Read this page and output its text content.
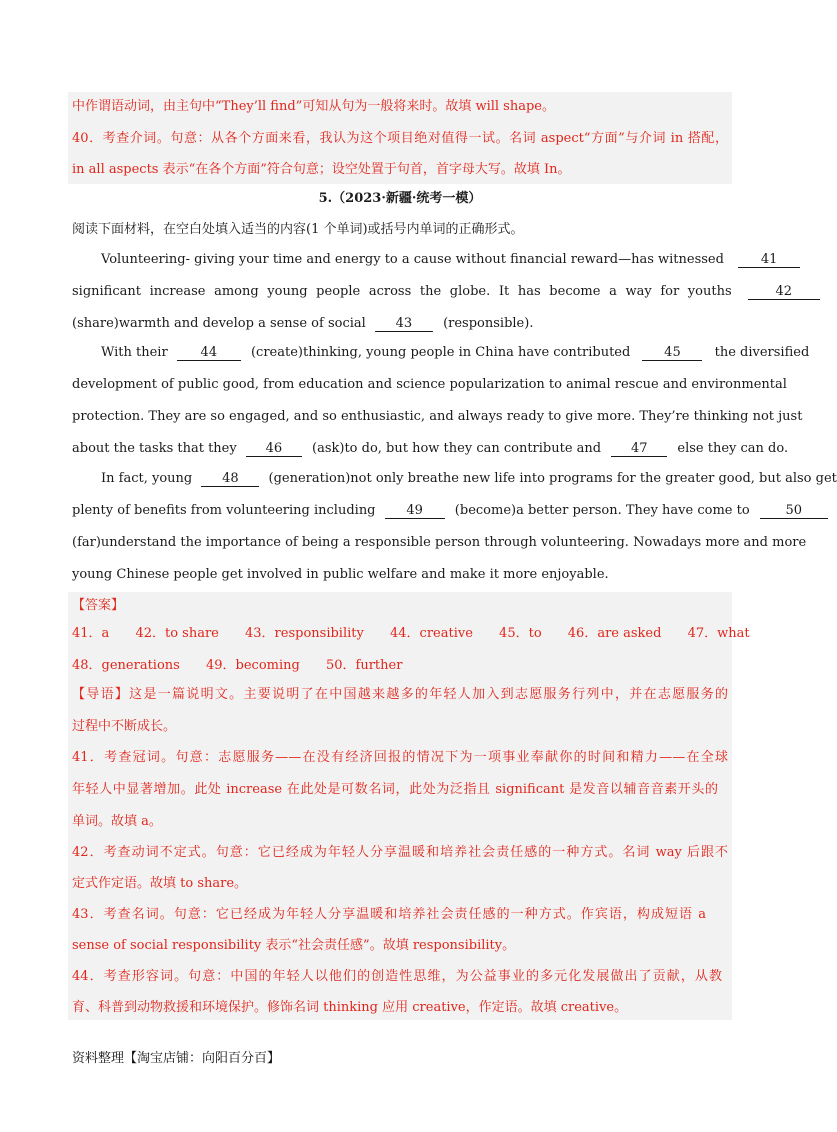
中作谓语动词，由主句中“They’ll find”可知从句为一般将来时。故填 will shape。
40．考查介词。句意：从各个方面来看，我认为这个项目绝对值得一试。名词 aspect“方面”与介词 in 搭配，
in all aspects 表示“在各个方面”符合句意；设空处置于句首，首字母大写。故填 In。
5.（2023·新疆·统考一模）
阅读下面材料，在空白处填入适当的内容(1 个单词)或括号内单词的正确形式。
Volunteering- giving your time and energy to a cause without financial reward—has witnessed	41
significant increase among young people across the globe. It has become a way for youths	42
(share)warmth and develop a sense of social 43 (responsible).
With their	44	(create)thinking, young people in China have contributed	45	the diversified
development of public good, from education and science popularization to animal rescue and environmental
protection. They are so engaged, and so enthusiastic, and always ready to give more. They’re thinking not just
about the tasks that they 46 (ask)to do, but how they can contribute and 47 else they can do.
In fact, young 48 (generation)not only breathe new life into programs for the greater good, but also get
plenty of benefits from volunteering including 49 (become)a better person. They have come to	50
(far)understand the importance of being a responsible person through volunteering. Nowadays more and more
young Chinese people get involved in public welfare and make it more enjoyable.
【答案】
41．a 42．to share 43．responsibility 44．creative 45．to 46．are asked 47．what
48．generations 49．becoming 50．further
【导语】这是一篇说明文。主要说明了在中国越来越多的年轻人加入到志愿服务行列中，并在志愿服务的
过程中不断成长。
41．考查冠词。句意：志愿服务——在没有经济回报的情况下为一项事业奉献你的时间和精力——在全球
年轻人中显著增加。此处 increase 在此处是可数名词，此处为泛指且 significant 是发音以辅音音素开头的
单词。故填 a。
42．考查动词不定式。句意：它已经成为年轻人分享温暖和培养社会责任感的一种方式。名词 way 后跟不
定式作定语。故填 to share。
43．考查名词。句意：它已经成为年轻人分享温暖和培养社会责任感的一种方式。作宾语，构成短语 a
sense of social responsibility 表示“社会责任感”。故填 responsibility。
44．考查形容词。句意：中国的年轻人以他们的创造性思维，为公益事业的多元化发展做出了贡献，从教
育、科普到动物救援和环境保护。修饰名词 thinking 应用 creative，作定语。故填 creative。
资料整理【淘宝店铺：向阳百分百】
